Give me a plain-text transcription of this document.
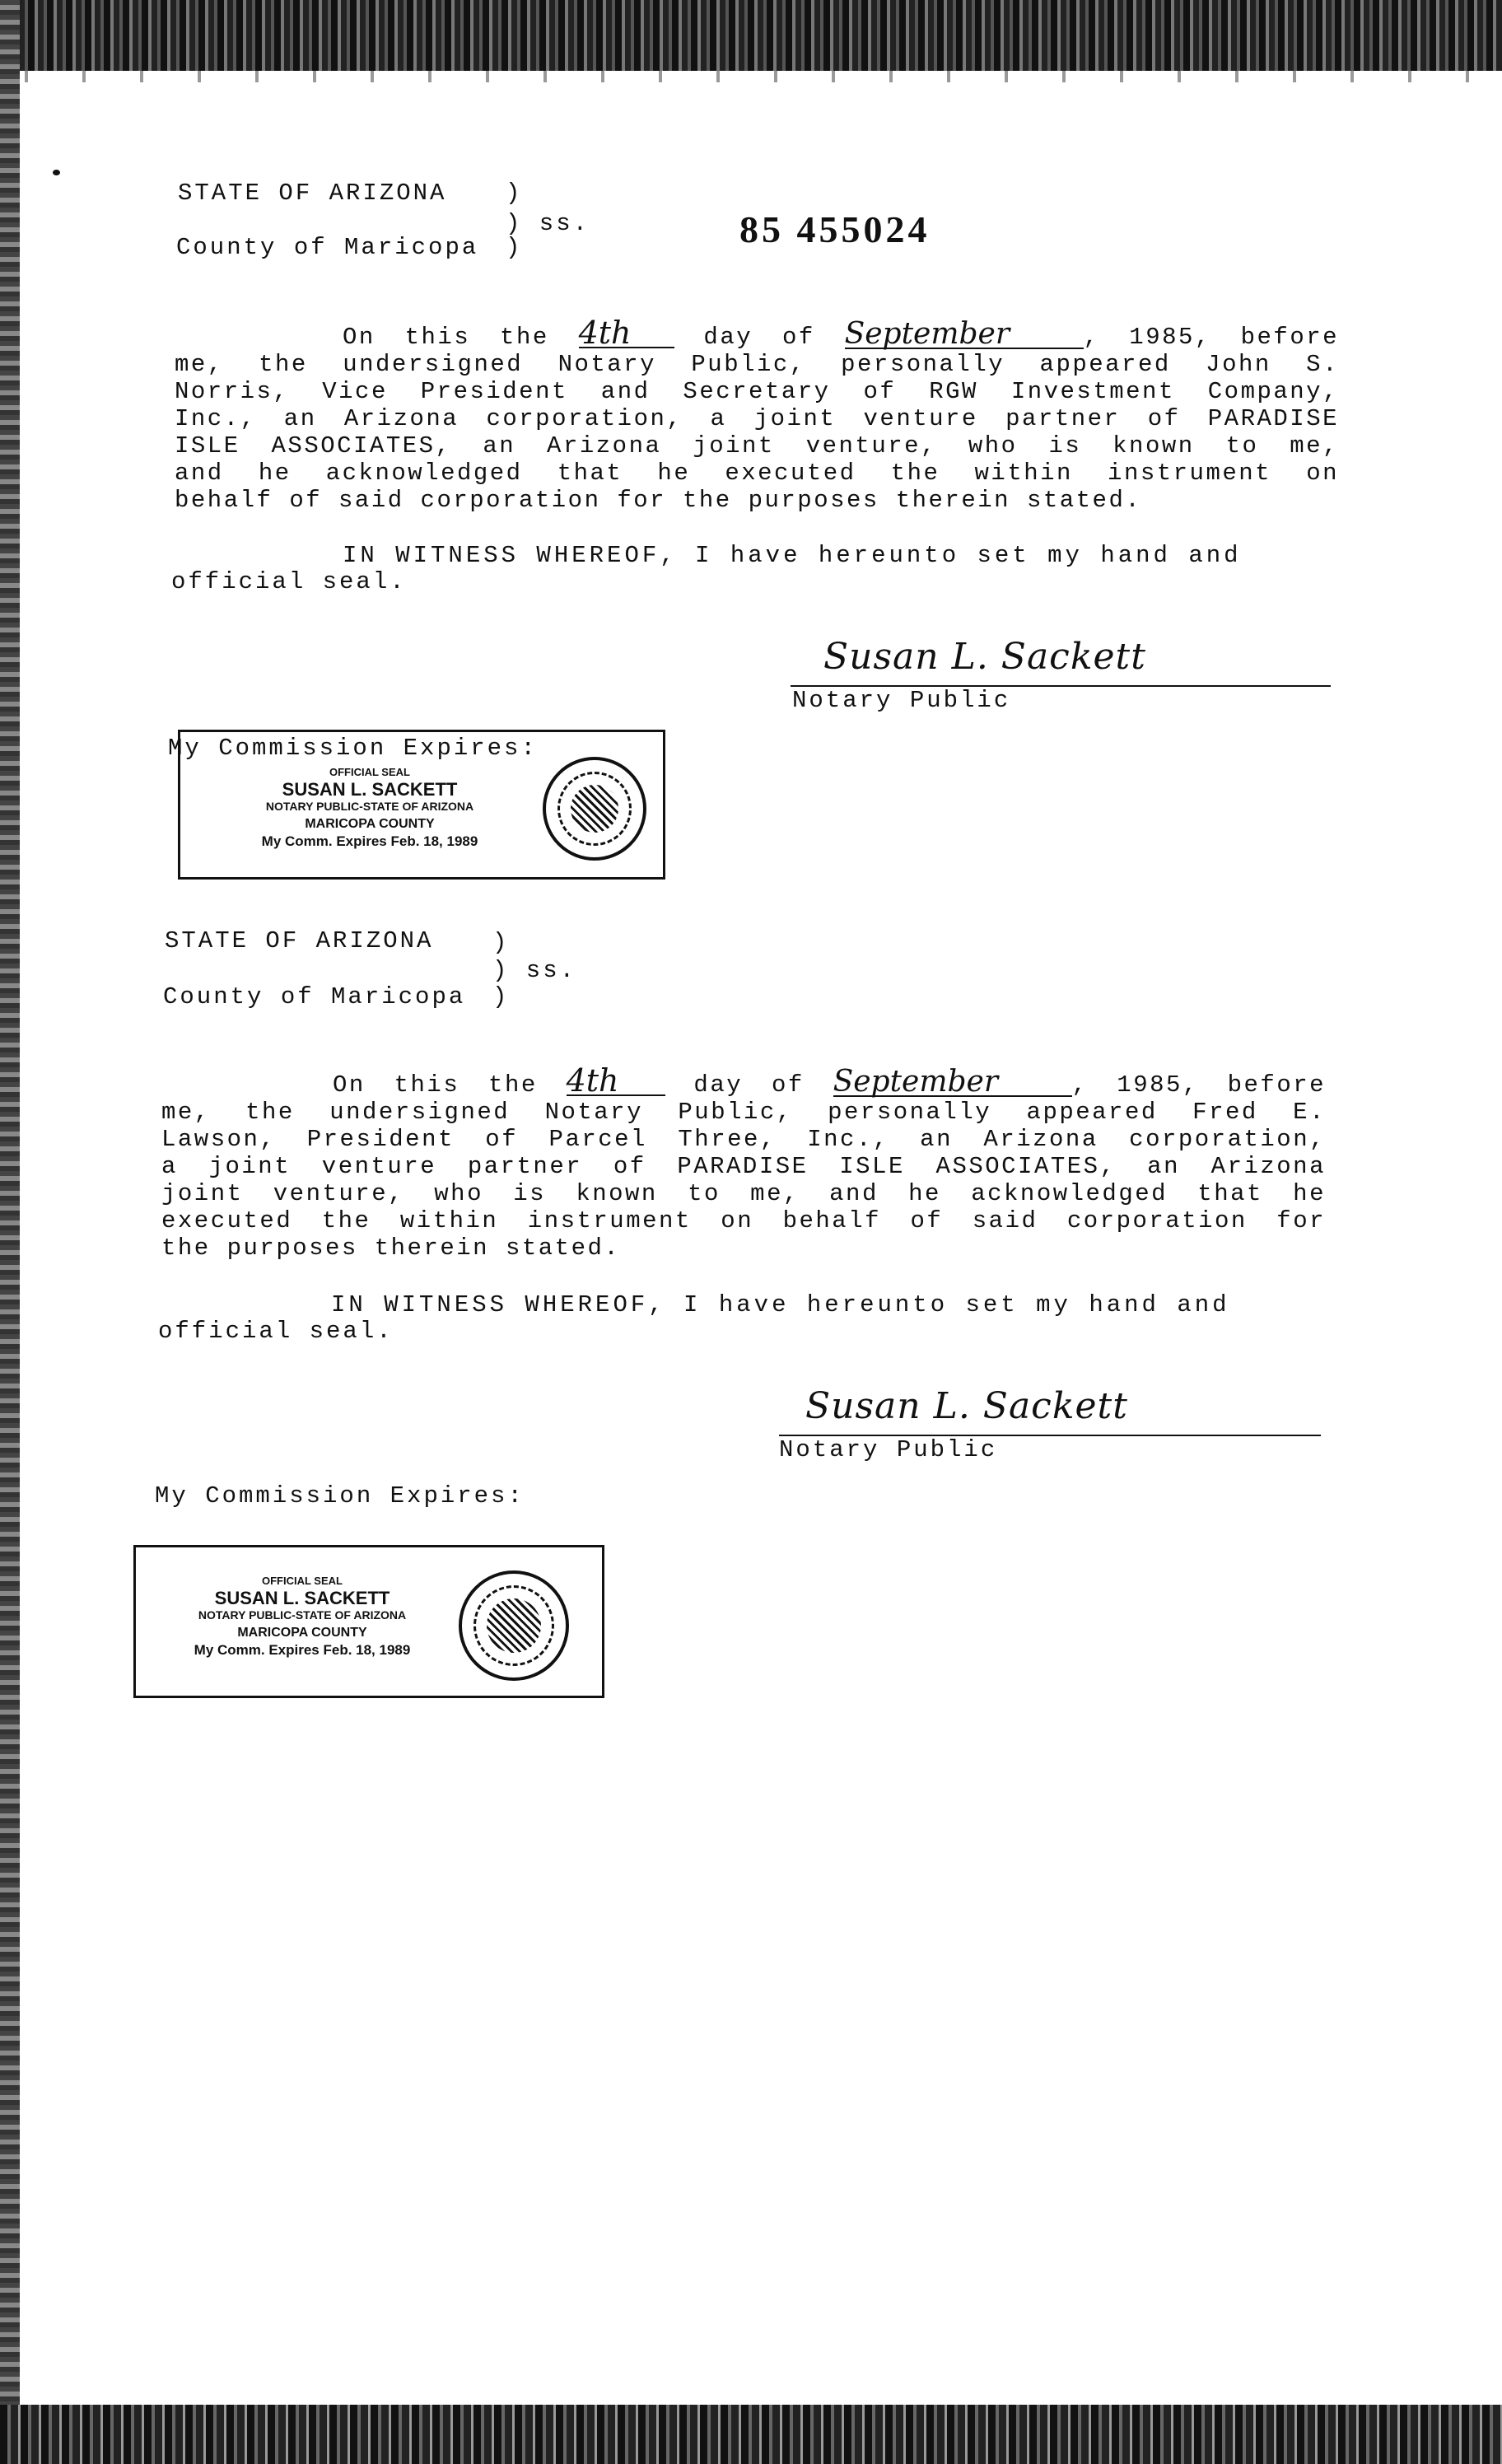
STATE OF ARIZONA )
) ss.
County of Maricopa )	85 455024
On this the 4th	day of September	, 1985, before
me, the undersigned Notary Public, personally appeared John S.
Norris, Vice President and Secretary of RGW Investment Company,
Inc., an Arizona corporation, a joint venture partner of PARADISE
ISLE ASSOCIATES, an Arizona joint venture, who is known to me,
and he acknowledged that he executed the within instrument on
behalf of said corporation for the purposes therein stated.
IN WITNESS WHEREOF, I have hereunto set my hand and
official seal.
Susan L. Sackett
Notary Public
OFFICIAL SEAL
SUSAN L. SACKETT
NOTARY PUBLIC-STATE OF ARIZONA
MARICOPA COUNTY
My Comm. Expires Feb. 18, 1989
My Commission Expires:
STATE OF ARIZONA )
) ss.
County of Maricopa )
On this the 4th	day of September	, 1985, before
me, the undersigned Notary Public, personally appeared Fred E.
Lawson, President of Parcel Three, Inc., an Arizona corporation,
a joint venture partner of PARADISE ISLE ASSOCIATES, an Arizona
joint venture, who is known to me, and he acknowledged that he
executed the within instrument on behalf of said corporation for
the purposes therein stated.
IN WITNESS WHEREOF, I have hereunto set my hand and
official seal.
Susan L. Sackett
Notary Public
My Commission Expires:
OFFICIAL SEAL
SUSAN L. SACKETT
NOTARY PUBLIC-STATE OF ARIZONA
MARICOPA COUNTY
My Comm. Expires Feb. 18, 1989
